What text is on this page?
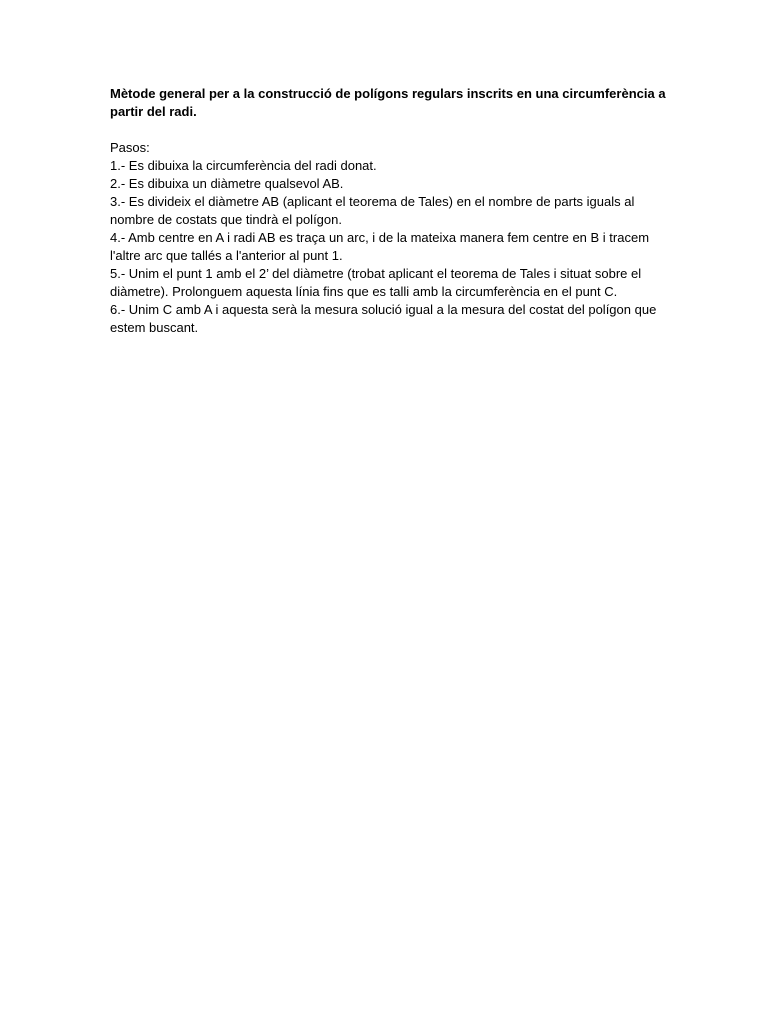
Mètode general per a la construcció de polígons regulars inscrits en una circumferència a partir del radi.

Pasos:

1.- Es dibuixa la circumferència del radi donat.

2.- Es dibuixa un diàmetre qualsevol AB.

3.- Es divideix el diàmetre AB (aplicant el teorema de Tales) en el nombre de parts iguals al nombre de costats que tindrà el polígon.

4.- Amb centre en A i radi AB es traça un arc, i de la mateixa manera fem centre en B i tracem l'altre arc que tallés a l'anterior al punt 1.

5.- Unim el punt 1 amb el 2’ del diàmetre (trobat aplicant el teorema de Tales i situat sobre el diàmetre). Prolonguem aquesta línia fins que es talli amb la circumferència en el punt C.

6.- Unim C amb A i aquesta serà la mesura solució igual a la mesura del costat del polígon que estem buscant.
